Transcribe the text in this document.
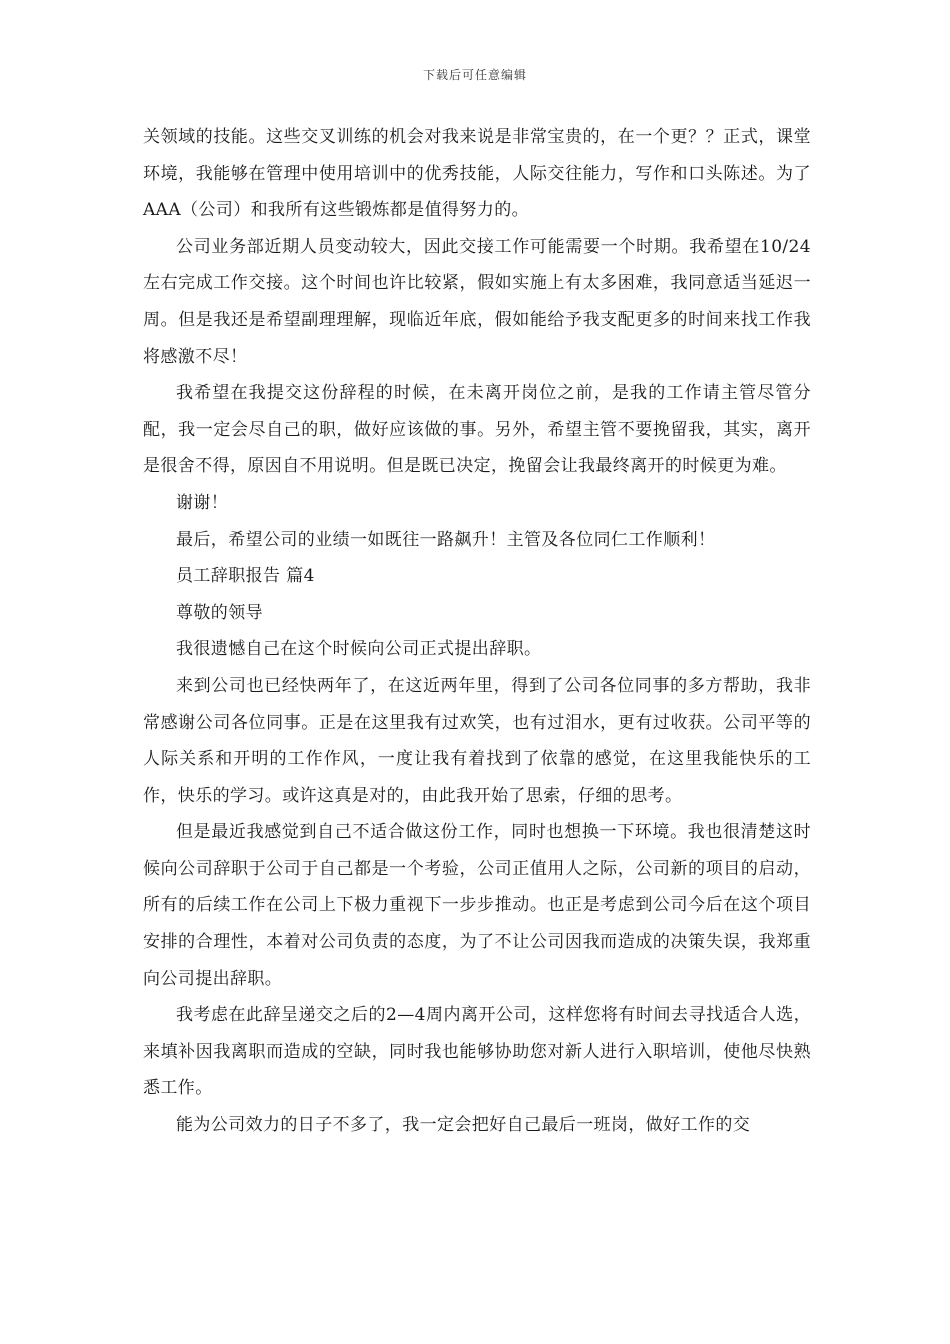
下载后可任意编辑

关领域的技能。这些交叉训练的机会对我来说是非常宝贵的，在一个更？？正式，课堂环境，我能够在管理中使用培训中的优秀技能，人际交往能力，写作和口头陈述。为了AAA（公司）和我所有这些锻炼都是值得努力的。

公司业务部近期人员变动较大，因此交接工作可能需要一个时期。我希望在10/24左右完成工作交接。这个时间也许比较紧，假如实施上有太多困难，我同意适当延迟一周。但是我还是希望副理理解，现临近年底，假如能给予我支配更多的时间来找工作我将感激不尽！

我希望在我提交这份辞程的时候，在未离开岗位之前，是我的工作请主管尽管分配，我一定会尽自己的职，做好应该做的事。另外，希望主管不要挽留我，其实，离开是很舍不得，原因自不用说明。但是既已决定，挽留会让我最终离开的时候更为难。

谢谢！

最后，希望公司的业绩一如既往一路飙升！主管及各位同仁工作顺利！

员工辞职报告 篇4

尊敬的领导

我很遗憾自己在这个时候向公司正式提出辞职。

来到公司也已经快两年了，在这近两年里，得到了公司各位同事的多方帮助，我非常感谢公司各位同事。正是在这里我有过欢笑，也有过泪水，更有过收获。公司平等的人际关系和开明的工作作风，一度让我有着找到了依靠的感觉，在这里我能快乐的工作，快乐的学习。或许这真是对的，由此我开始了思索，仔细的思考。

但是最近我感觉到自己不适合做这份工作，同时也想换一下环境。我也很清楚这时候向公司辞职于公司于自己都是一个考验，公司正值用人之际，公司新的项目的启动，所有的后续工作在公司上下极力重视下一步步推动。也正是考虑到公司今后在这个项目安排的合理性，本着对公司负责的态度，为了不让公司因我而造成的决策失误，我郑重向公司提出辞职。

我考虑在此辞呈递交之后的2—4周内离开公司，这样您将有时间去寻找适合人选，来填补因我离职而造成的空缺，同时我也能够协助您对新人进行入职培训，使他尽快熟悉工作。

能为公司效力的日子不多了，我一定会把好自己最后一班岗，做好工作的交
